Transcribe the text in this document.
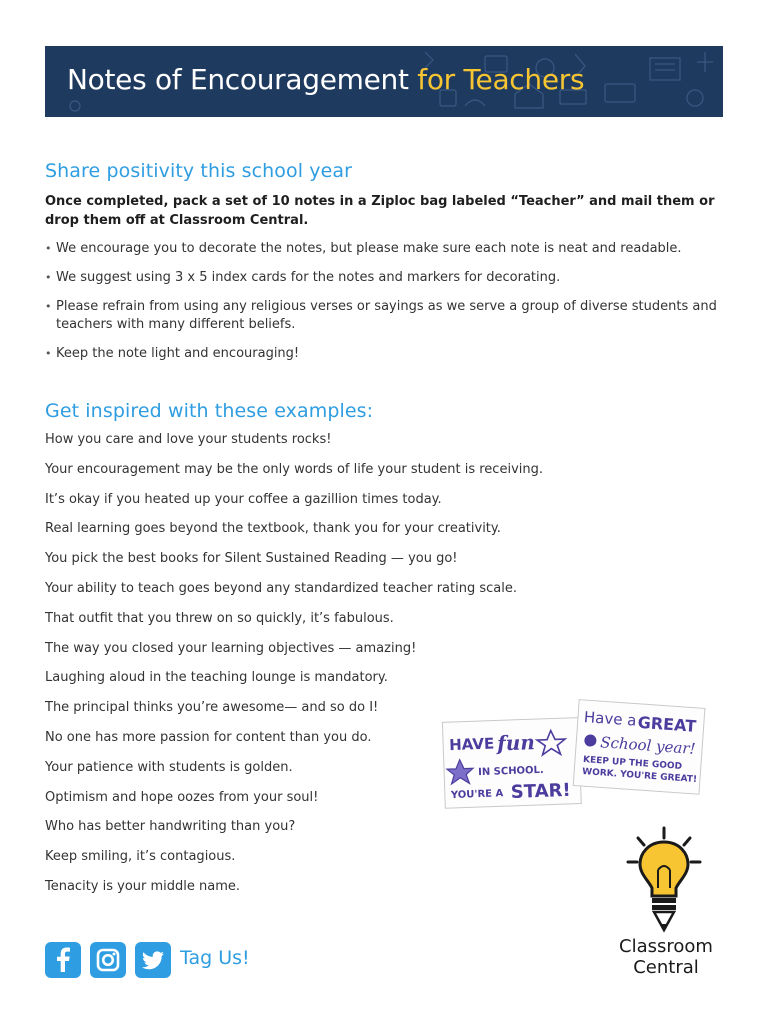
Notes of Encouragement for Teachers
Share positivity this school year

Once completed, pack a set of 10 notes in a Ziploc bag labeled “Teacher” and mail them or drop them off at Classroom Central.

• We encourage you to decorate the notes, but please make sure each note is neat and readable.
• We suggest using 3 x 5 index cards for the notes and markers for decorating.
• Please refrain from using any religious verses or sayings as we serve a group of diverse students and teachers with many different beliefs.
• Keep the note light and encouraging!
Get inspired with these examples:
How you care and love your students rocks!
Your encouragement may be the only words of life your student is receiving.
It’s okay if you heated up your coffee a gazillion times today.
Real learning goes beyond the textbook, thank you for your creativity.
You pick the best books for Silent Sustained Reading — you go!
Your ability to teach goes beyond any standardized teacher rating scale.
That outfit that you threw on so quickly, it’s fabulous.
The way you closed your learning objectives — amazing!
Laughing aloud in the teaching lounge is mandatory.
The principal thinks you’re awesome— and so do I!
No one has more passion for content than you do.
Your patience with students is golden.
Optimism and hope oozes from your soul!
Who has better handwriting than you?
Keep smiling, it’s contagious.
Tenacity is your middle name.
HAVE fun
IN SCHOOL.
YOU'RE A STAR!
Have a GREAT
School year!
KEEP UP THE GOOD
WORK. YOU'RE GREAT!
Classroom
Central
Tag Us!
